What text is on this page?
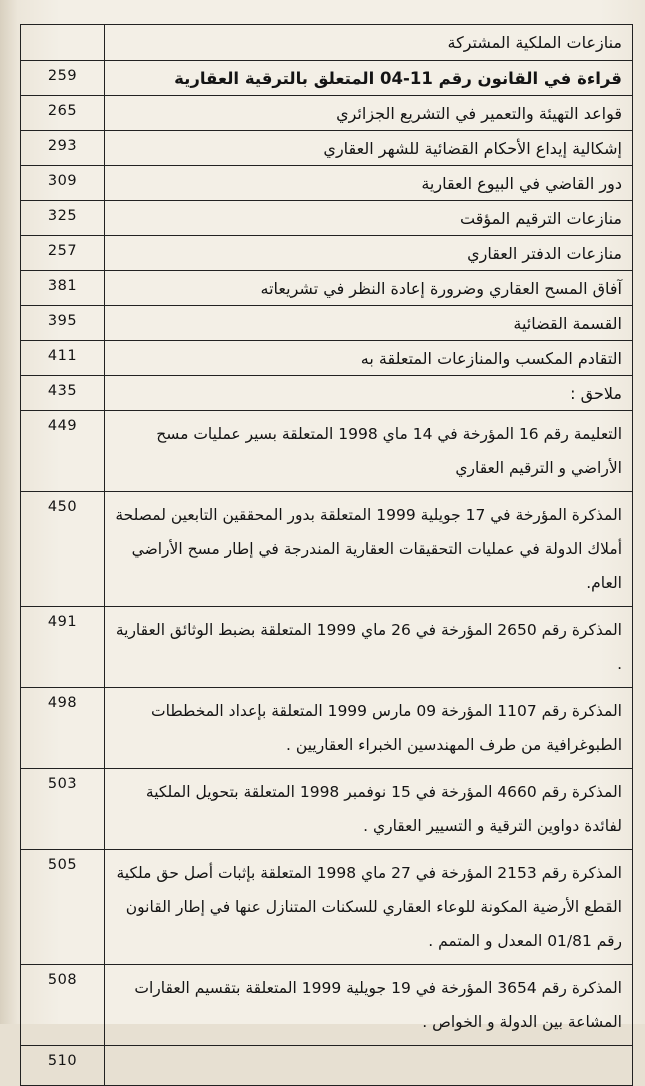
	منازعات الملكية المشتركة
259	قراءة في القانون رقم 11-04 المتعلق بالترقية العقارية
265	قواعد التهيئة والتعمير في التشريع الجزائري
293	إشكالية إيداع الأحكام القضائية للشهر العقاري
309	دور القاضي في البيوع العقارية
325	منازعات الترقيم المؤقت
257	منازعات الدفتر العقاري
381	آفاق المسح العقاري وضرورة إعادة النظر في تشريعاته
395	القسمة القضائية
411	التقادم المكسب والمنازعات المتعلقة به
435	ملاحق :
449	التعليمة رقم 16 المؤرخة في 14 ماي 1998 المتعلقة بسير عمليات مسح الأراضي و الترقيم العقاري
450	المذكرة المؤرخة في 17 جويلية 1999 المتعلقة بدور المحققين التابعين لمصلحة أملاك الدولة في عمليات التحقيقات العقارية المندرجة في إطار مسح الأراضي العام.
491	المذكرة رقم 2650 المؤرخة في 26 ماي 1999 المتعلقة بضبط الوثائق العقارية .
498	المذكرة رقم 1107 المؤرخة 09 مارس 1999 المتعلقة بإعداد المخططات الطبوغرافية من طرف المهندسين الخبراء العقاريين .
503	المذكرة رقم 4660 المؤرخة في 15 نوفمبر 1998 المتعلقة بتحويل الملكية لفائدة دواوين الترقية و التسيير العقاري .
505	المذكرة رقم 2153 المؤرخة في 27 ماي 1998 المتعلقة بإثبات أصل حق ملكية القطع الأرضية المكونة للوعاء العقاري للسكنات المتنازل عنها في إطار القانون رقم 01/81 المعدل و المتمم .
508	المذكرة رقم 3654 المؤرخة في 19 جويلية 1999 المتعلقة بتقسيم العقارات المشاعة بين الدولة و الخواص .
510	
